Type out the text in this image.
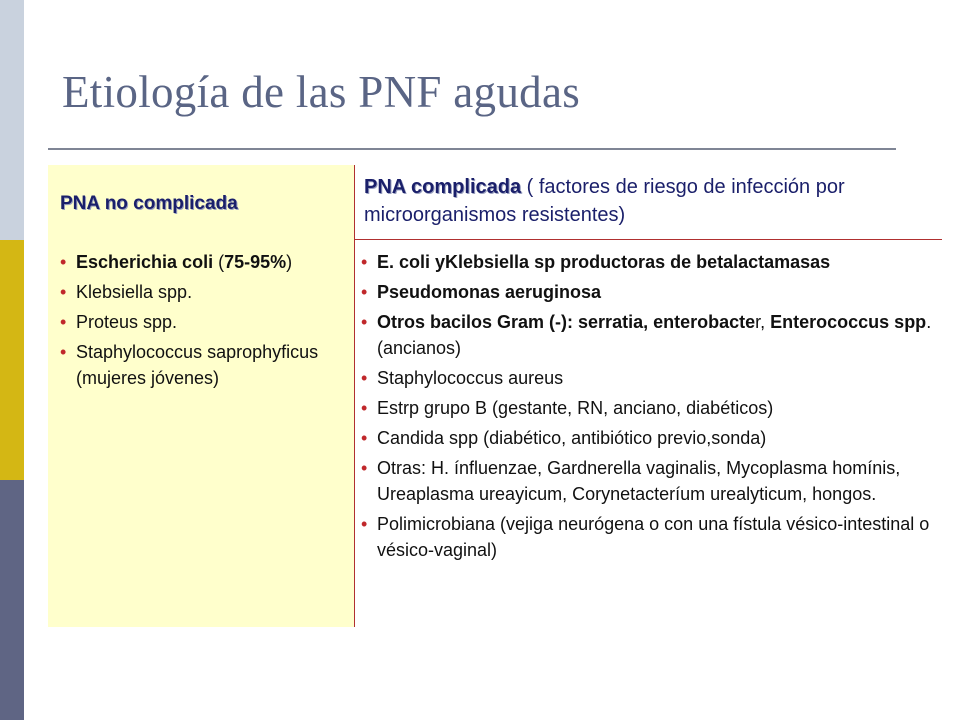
Etiología de las PNF agudas
PNA no complicada
• Escherichia coli (75-95%)
• Klebsiella spp.
• Proteus spp.
• Staphylococcus saprophyficus (mujeres jóvenes)
PNA complicada ( factores de riesgo de infección por microorganismos resistentes)
• E. coli yKlebsiella sp productoras de betalactamasas
• Pseudomonas aeruginosa
• Otros bacilos Gram (-): serratia, enterobacter, Enterococcus spp. (ancianos)
• Staphylococcus aureus
• Estrp grupo B (gestante, RN, anciano, diabéticos)
• Candida spp (diabético, antibiótico previo,sonda)
• Otras: H. ínfluenzae, Gardnerella vaginalis, Mycoplasma homínis, Ureaplasma ureayicum, Corynetacteríum urealyticum, hongos.
• Polimicrobiana (vejiga neurógena o con una fístula vésico-intestinal o vésico-vaginal)
